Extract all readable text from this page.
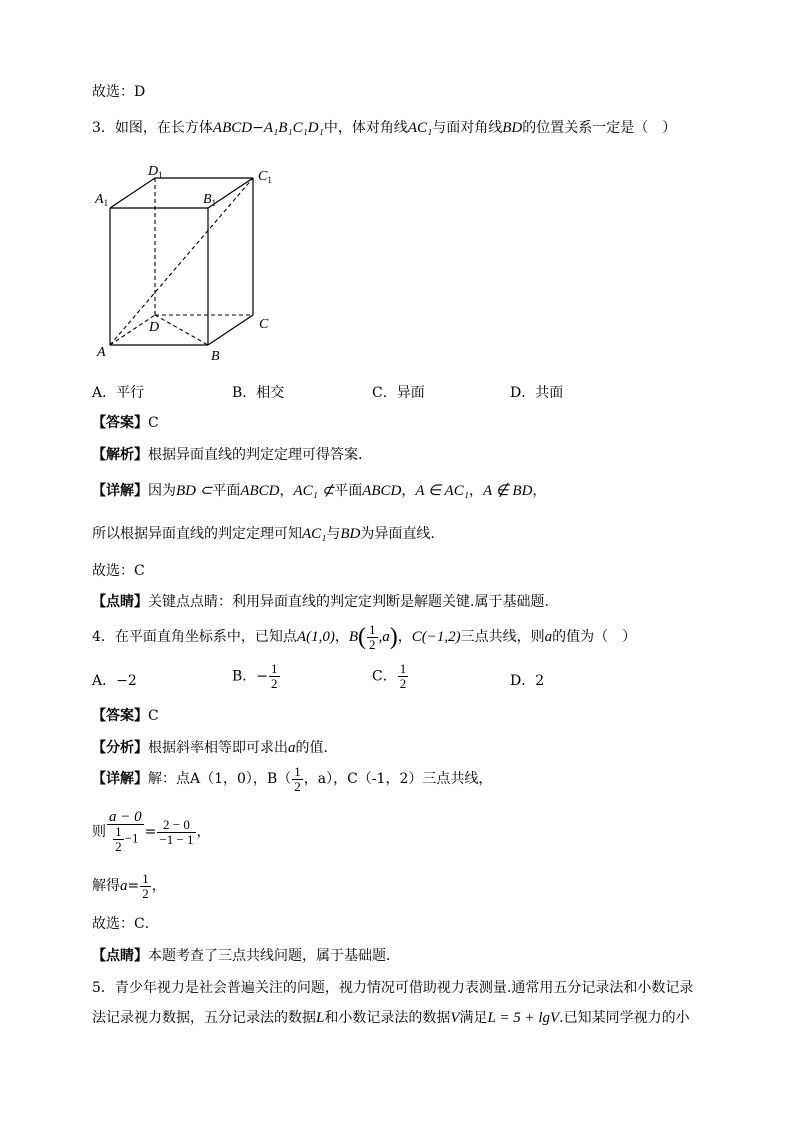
故选：D
3．如图，在长方体ABCD−A₁B₁C₁D₁中，体对角线AC₁与面对角线BD的位置关系一定是（　）
$D_1$	$C_1$
$A_1$	$B_1$
D	C
A	B
A．平行	B．相交	C．异面	D．共面
【答案】C
【解析】根据异面直线的判定定理可得答案.
【详解】因为BD ⊂平面ABCD，AC₁ ⊄平面ABCD，A ∈ AC₁，A ∉ BD，
所以根据异面直线的判定定理可知AC₁与BD为异面直线.
故选：C
【点睛】关键点点睛：利用异面直线的判定定判断是解题关键.属于基础题.
4．在平面直角坐标系中，已知点A(1,0)，$B( \frac{1}{2} ,a)$，C(−1,2)三点共线，则a的值为（　）
A．−2	B．− $\frac{1}{2}$	C． $\frac{1}{2}$	D．2
【答案】C
【分析】根据斜率相等即可求出a的值．
【详解】解：点A（1，0），$B( \frac{1}{2}$ ，a），C（-1，2）三点共线，
则 $\frac{a - 0}{\frac{1}{2} -1} = \frac{2 - 0}{-1 - 1}$ ，
解得$a= \frac{1}{2}$ ，
故选：C．
【点睛】本题考查了三点共线问题，属于基础题．
5．青少年视力是社会普遍关注的问题，视力情况可借助视力表测量.通常用五分记录法和小数记录
法记录视力数据，五分记录法的数据L和小数记录法的数据V满足L = 5 + lgV.已知某同学视力的小
